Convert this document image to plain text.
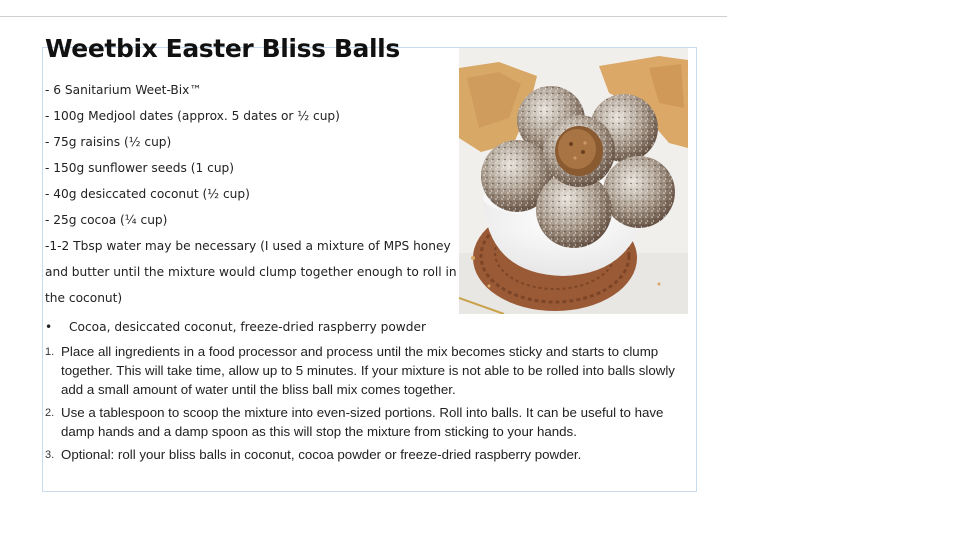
Weetbix Easter Bliss Balls
- 6 Sanitarium Weet-Bix™
- 100g Medjool dates (approx. 5 dates or ½ cup)
- 75g raisins (½ cup)
- 150g sunflower seeds (1 cup)
- 40g desiccated coconut (½ cup)
- 25g cocoa (¼ cup)
-1-2 Tbsp water may be necessary (I used a mixture of MPS honey
and butter until the mixture would clump together enough to roll in
the coconut)
• Cocoa, desiccated coconut, freeze-dried raspberry powder
1. Place all ingredients in a food processor and process until the mix becomes sticky and starts to clump together. This will take time, allow up to 5 minutes. If your mixture is not able to be rolled into balls slowly add a small amount of water until the bliss ball mix comes together.
2. Use a tablespoon to scoop the mixture into even-sized portions. Roll into balls. It can be useful to have damp hands and a damp spoon as this will stop the mixture from sticking to your hands.
3. Optional: roll your bliss balls in coconut, cocoa powder or freeze-dried raspberry powder.
